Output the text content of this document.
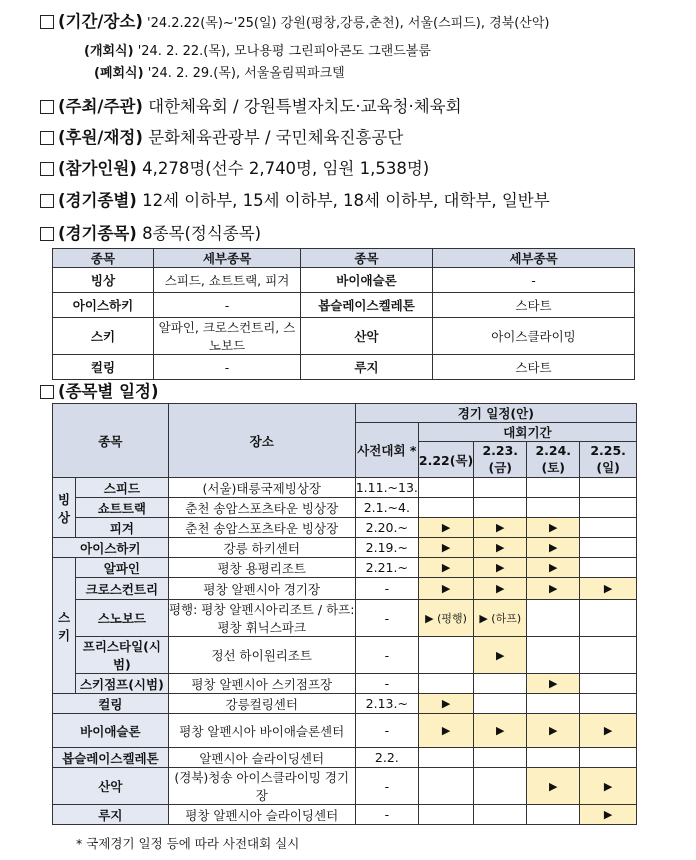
(기간/장소) '24.2.22(목)~'25(일) 강원(평창,강릉,춘천), 서울(스피드), 경북(산악)
(개회식) '24. 2. 22.(목), 모나용평 그린피아콘도 그랜드볼룸
(폐회식) '24. 2. 29.(목), 서울올림픽파크텔
(주최/주관) 대한체육회 / 강원특별자치도·교육청·체육회
(후원/재정) 문화체육관광부 / 국민체육진흥공단
(참가인원) 4,278명(선수 2,740명, 임원 1,538명)
(경기종별) 12세 이하부, 15세 이하부, 18세 이하부, 대학부, 일반부
(경기종목) 8종목(정식종목)
종목	세부종목	종목	세부종목
빙상	스피드, 쇼트트랙, 피겨	바이애슬론	-
아이스하키	-	봅슬레이스켈레톤	스타트
스키	알파인, 크로스컨트리, 스노보드	산악	아이스클라이밍
컬링	-	루지	스타트
(종목별 일정)
종목		장소	경기 일정(안)				
			사전대회 *	대회기간			
				2.22(목)	2.23.(금)	2.24.(토)	2.25.(일)
빙상	스피드	(서울)태릉국제빙상장	1.11.~13.				
	쇼트트랙	춘천 송암스포츠타운 빙상장	2.1.~4.				
	피겨	춘천 송암스포츠타운 빙상장	2.20.~	▶	▶	▶	
아이스하키		강릉 하키센터	2.19.~	▶	▶	▶	
스키	알파인	평창 용평리조트	2.21.~	▶	▶	▶	
	크로스컨트리	평창 알펜시아 경기장	-	▶	▶	▶	▶
	스노보드	평행: 평창 알펜시아리조트 / 하프: 평창 휘닉스파크	-	▶ (평행)	▶ (하프)		
	프리스타일(시범)	정선 하이원리조트	-		▶		
	스키점프(시범)	평창 알펜시아 스키점프장	-			▶	
컬링		강릉컬링센터	2.13.~	▶			
바이애슬론		평창 알펜시아 바이애슬론센터	-	▶	▶	▶	▶
봅슬레이스켈레톤		알펜시아 슬라이딩센터	2.2.				
산악		(경북)청송 아이스클라이밍 경기장	-			▶	▶
루지		평창 알펜시아 슬라이딩센터	-				▶
* 국제경기 일정 등에 따라 사전대회 실시
